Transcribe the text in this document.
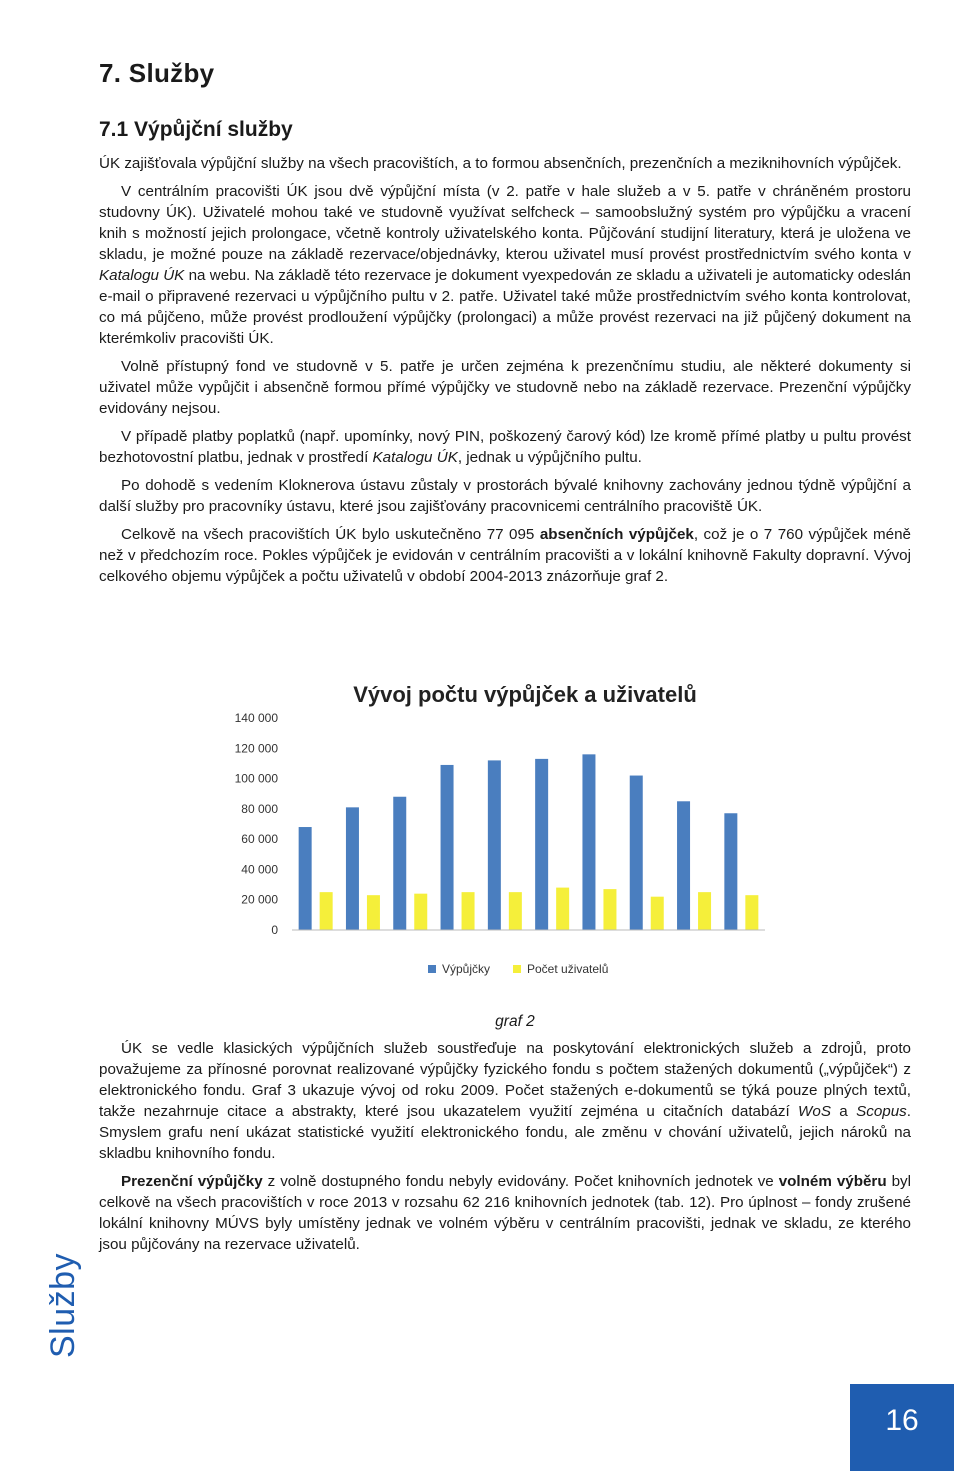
7. Služby
7.1 Výpůjční služby

ÚK zajišťovala výpůjční služby na všech pracovištích, a to formou absenčních, prezenčních a meziknihovních výpůjček.

V centrálním pracovišti ÚK jsou dvě výpůjční místa (v 2. patře v hale služeb a v 5. patře v chráněném prostoru studovny ÚK). Uživatelé mohou také ve studovně využívat selfcheck – samoobslužný systém pro výpůjčku a vracení knih s možností jejich prolongace, včetně kontroly uživatelského konta. Půjčování studijní literatury, která je uložena ve skladu, je možné pouze na základě rezervace/objednávky, kterou uživatel musí provést prostřednictvím svého konta v Katalogu ÚK na webu. Na základě této rezervace je dokument vyexpedován ze skladu a uživateli je automaticky odeslán e-mail o připravené rezervaci u výpůjčního pultu v 2. patře. Uživatel také může prostřednictvím svého konta kontrolovat, co má půjčeno, může provést prodloužení výpůjčky (prolongaci) a může provést rezervaci na již půjčený dokument na kterémkoliv pracovišti ÚK.

Volně přístupný fond ve studovně v 5. patře je určen zejména k prezenčnímu studiu, ale některé dokumenty si uživatel může vypůjčit i absenčně formou přímé výpůjčky ve studovně nebo na základě rezervace. Prezenční výpůjčky evidovány nejsou.

V případě platby poplatků (např. upomínky, nový PIN, poškozený čarový kód) lze kromě přímé platby u pultu provést bezhotovostní platbu, jednak v prostředí Katalogu ÚK, jednak u výpůjčního pultu.

Po dohodě s vedením Kloknerova ústavu zůstaly v prostorách bývalé knihovny zachovány jednou týdně výpůjční a další služby pro pracovníky ústavu, které jsou zajišťovány pracovnicemi centrálního pracoviště ÚK.

Celkově na všech pracovištích ÚK bylo uskutečněno 77 095 absenčních výpůjček, což je o 7 760 výpůjček méně než v předchozím roce. Pokles výpůjček je evidován v centrálním pracovišti a v lokální knihovně Fakulty dopravní. Vývoj celkového objemu výpůjček a počtu uživatelů v období 2004-2013 znázorňuje graf 2.

Vývoj počtu výpůjček a uživatelů
0
20 000
40 000
60 000
80 000
100 000
120 000
140 000
Výpůjčky	Počet uživatelů
graf 2

ÚK se vedle klasických výpůjčních služeb soustřeďuje na poskytování elektronických služeb a zdrojů, proto považujeme za přínosné porovnat realizované výpůjčky fyzického fondu s počtem stažených dokumentů („výpůjček“) z elektronického fondu. Graf 3 ukazuje vývoj od roku 2009. Počet stažených e-dokumentů se týká pouze plných textů, takže nezahrnuje citace a abstrakty, které jsou ukazatelem využití zejména u citačních databází WoS a Scopus. Smyslem grafu není ukázat statistické využití elektronického fondu, ale změnu v chování uživatelů, jejich nároků na skladbu knihovního fondu.

Prezenční výpůjčky z volně dostupného fondu nebyly evidovány. Počet knihovních jednotek ve volném výběru byl celkově na všech pracovištích v roce 2013 v rozsahu 62 216 knihovních jednotek (tab. 12). Pro úplnost – fondy zrušené lokální knihovny MÚVS byly umístěny jednak ve volném výběru v centrálním pracovišti, jednak ve skladu, ze kterého jsou půjčovány na rezervace uživatelů.

Služby
16
